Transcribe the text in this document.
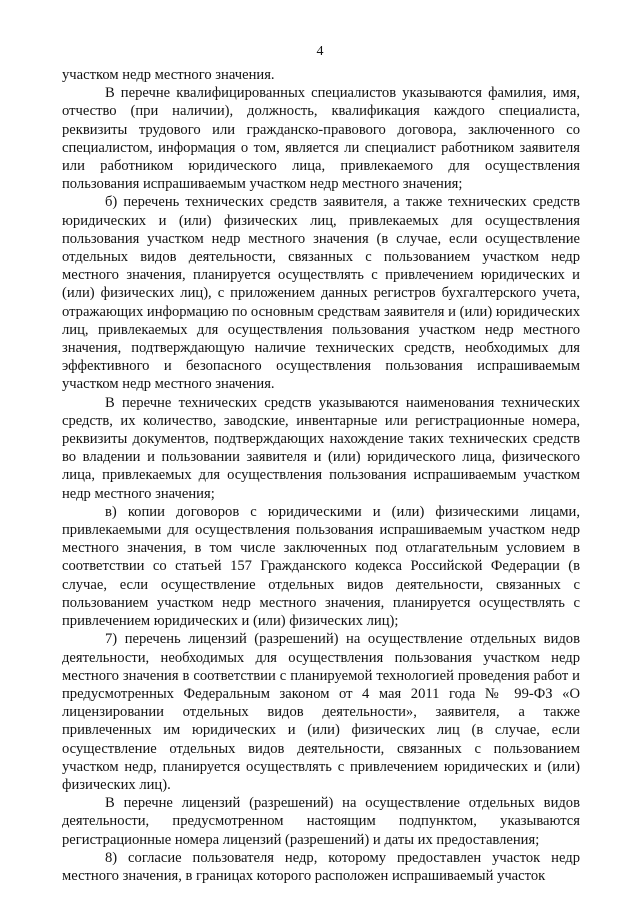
4

участком недр местного значения.

В перечне квалифицированных специалистов указываются фамилия, имя, отчество (при наличии), должность, квалификация каждого специалиста, реквизиты трудового или гражданско-правового договора, заключенного со специалистом, информация о том, является ли специалист работником заявителя или работником юридического лица, привлекаемого для осуществления пользования испрашиваемым участком недр местного значения;

б) перечень технических средств заявителя, а также технических средств юридических и (или) физических лиц, привлекаемых для осуществления пользования участком недр местного значения (в случае, если осуществление отдельных видов деятельности, связанных с пользованием участком недр местного значения, планируется осуществлять с привлечением юридических и (или) физических лиц), с приложением данных регистров бухгалтерского учета, отражающих информацию по основным средствам заявителя и (или) юридических лиц, привлекаемых для осуществления пользования участком недр местного значения, подтверждающую наличие технических средств, необходимых для эффективного и безопасного осуществления пользования испрашиваемым участком недр местного значения.

В перечне технических средств указываются наименования технических средств, их количество, заводские, инвентарные или регистрационные номера, реквизиты документов, подтверждающих нахождение таких технических средств во владении и пользовании заявителя и (или) юридического лица, физического лица, привлекаемых для осуществления пользования испрашиваемым участком недр местного значения;

в) копии договоров с юридическими и (или) физическими лицами, привлекаемыми для осуществления пользования испрашиваемым участком недр местного значения, в том числе заключенных под отлагательным условием в соответствии со статьей 157 Гражданского кодекса Российской Федерации (в случае, если осуществление отдельных видов деятельности, связанных с пользованием участком недр местного значения, планируется осуществлять с привлечением юридических и (или) физических лиц);

7) перечень лицензий (разрешений) на осуществление отдельных видов деятельности, необходимых для осуществления пользования участком недр местного значения в соответствии с планируемой технологией проведения работ и предусмотренных Федеральным законом от 4 мая 2011 года № 99-ФЗ «О лицензировании отдельных видов деятельности», заявителя, а также привлеченных им юридических и (или) физических лиц (в случае, если осуществление отдельных видов деятельности, связанных с пользованием участком недр, планируется осуществлять с привлечением юридических и (или) физических лиц).

В перечне лицензий (разрешений) на осуществление отдельных видов деятельности, предусмотренном настоящим подпунктом, указываются регистрационные номера лицензий (разрешений) и даты их предоставления;

8) согласие пользователя недр, которому предоставлен участок недр местного значения, в границах которого расположен испрашиваемый участок
